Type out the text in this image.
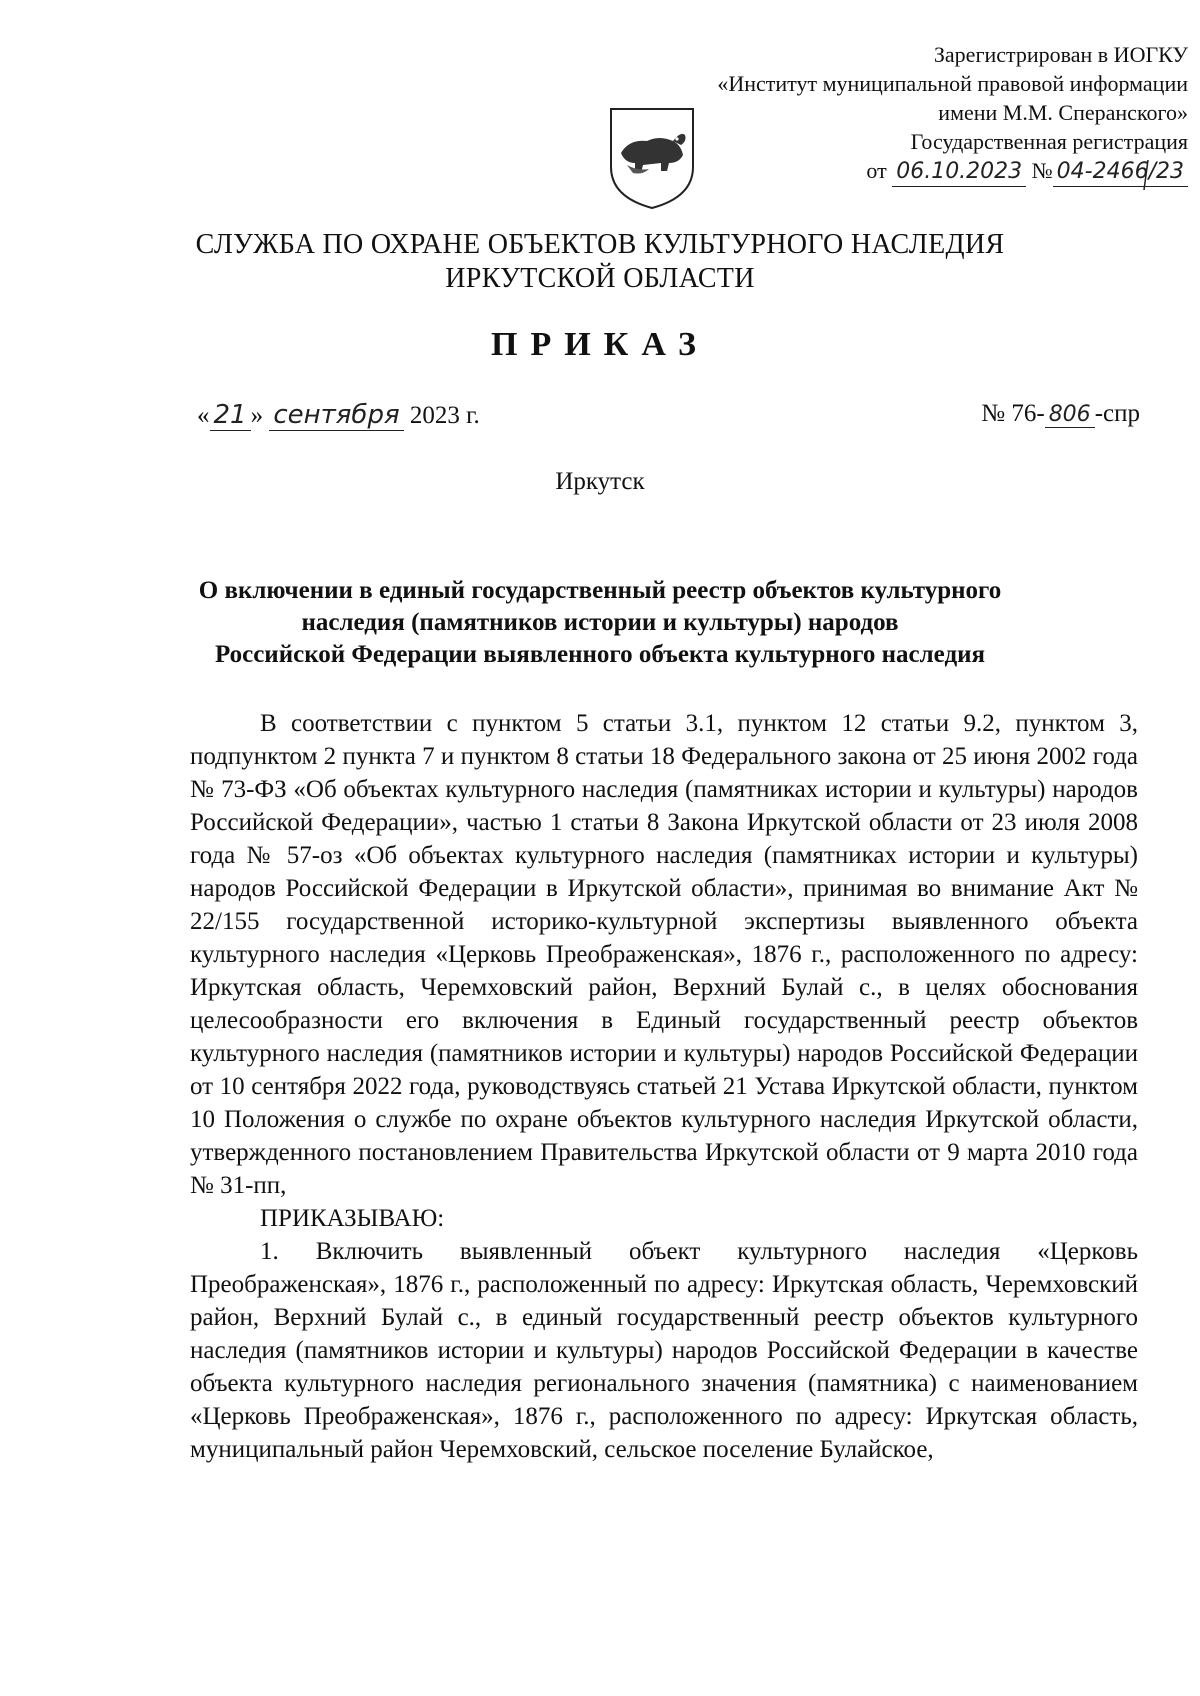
Зарегистрирован в ИОГКУ
«Институт муниципальной правовой информации
имени М.М. Сперанского»
Государственная регистрация
от 06.10.2023 № 04-2466/23
СЛУЖБА ПО ОХРАНЕ ОБЪЕКТОВ КУЛЬТУРНОГО НАСЛЕДИЯ
ИРКУТСКОЙ ОБЛАСТИ
ПРИКАЗ
« 21 » сентября 2023 г.	№ 76- 806 -спр
Иркутск
О включении в единый государственный реестр объектов культурного
наследия (памятников истории и культуры) народов
Российской Федерации выявленного объекта культурного наследия

В соответствии с пунктом 5 статьи 3.1, пунктом 12 статьи 9.2, пунктом 3, подпунктом 2 пункта 7 и пунктом 8 статьи 18 Федерального закона от 25 июня 2002 года № 73-ФЗ «Об объектах культурного наследия (памятниках истории и культуры) народов Российской Федерации», частью 1 статьи 8 Закона Иркутской области от 23 июля 2008 года № 57-оз «Об объектах культурного наследия (памятниках истории и культуры) народов Российской Федерации в Иркутской области», принимая во внимание Акт № 22/155 государственной историко-культурной экспертизы выявленного объекта культурного наследия «Церковь Преображенская», 1876 г., расположенного по адресу: Иркутская область, Черемховский район, Верхний Булай с., в целях обоснования целесообразности его включения в Единый государственный реестр объектов культурного наследия (памятников истории и культуры) народов Российской Федерации от 10 сентября 2022 года, руководствуясь статьей 21 Устава Иркутской области, пунктом 10 Положения о службе по охране объектов культурного наследия Иркутской области, утвержденного постановлением Правительства Иркутской области от 9 марта 2010 года № 31-пп,

ПРИКАЗЫВАЮ:

1. Включить выявленный объект культурного наследия «Церковь Преображенская», 1876 г., расположенный по адресу: Иркутская область, Черемховский район, Верхний Булай с., в единый государственный реестр объектов культурного наследия (памятников истории и культуры) народов Российской Федерации в качестве объекта культурного наследия регионального значения (памятника) с наименованием «Церковь Преображенская», 1876 г., расположенного по адресу: Иркутская область, муниципальный район Черемховский, сельское поселение Булайское,
